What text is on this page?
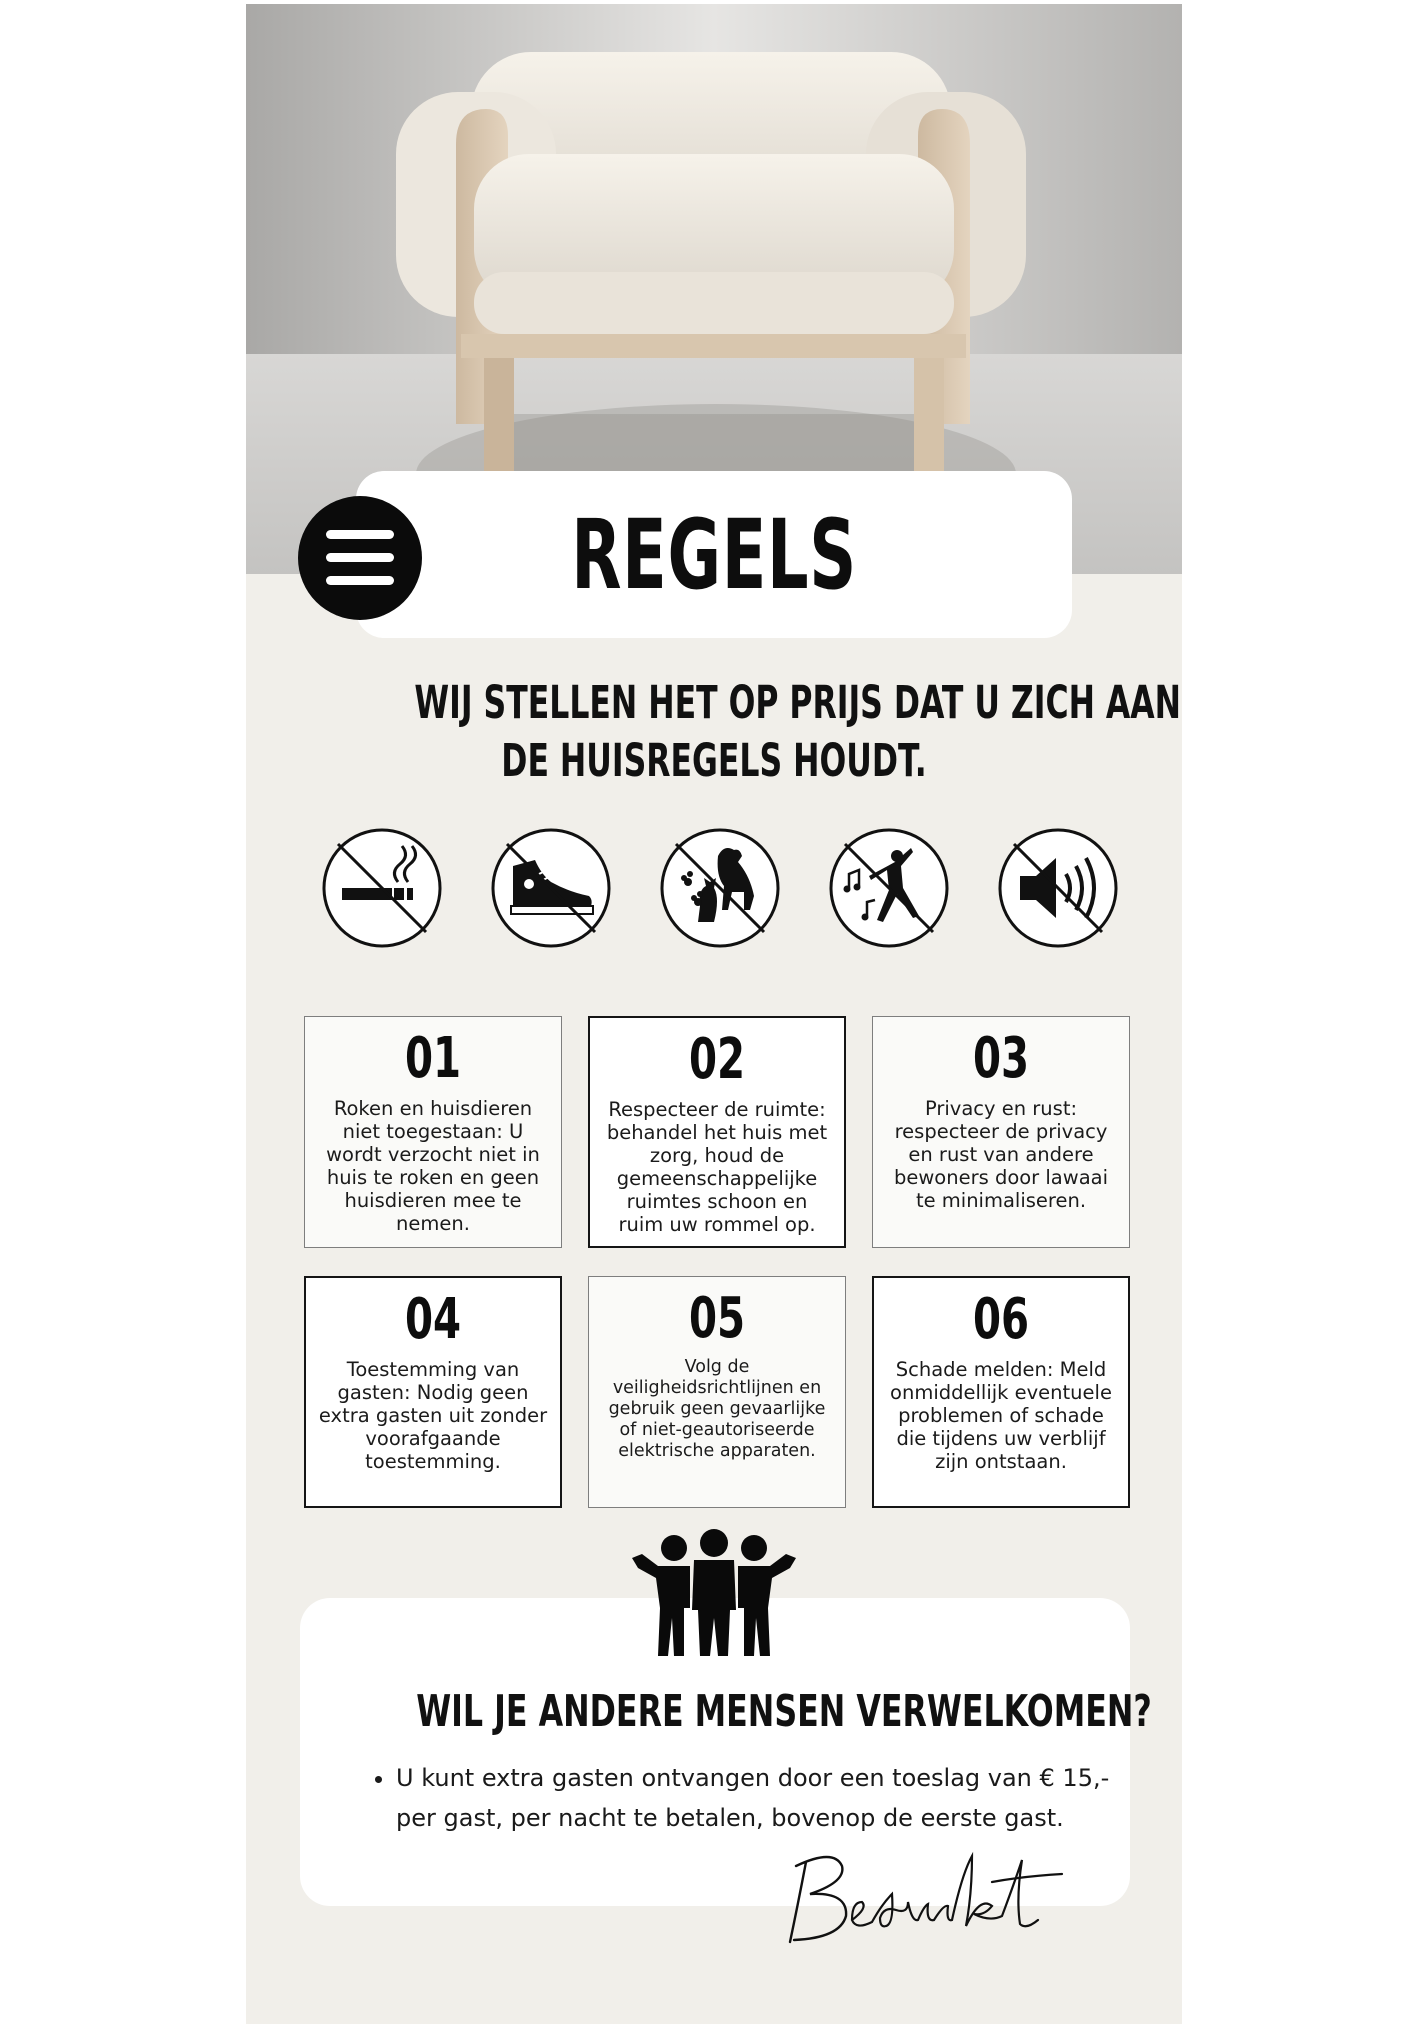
REGELS
WIJ STELLEN HET OP PRIJS DAT U ZICH AAN
DE HUISREGELS HOUDT.
01
Roken en huisdieren niet toegestaan: U wordt verzocht niet in huis te roken en geen huisdieren mee te nemen.
02
Respecteer de ruimte: behandel het huis met zorg, houd de gemeenschappelijke ruimtes schoon en ruim uw rommel op.
03
Privacy en rust: respecteer de privacy en rust van andere bewoners door lawaai te minimaliseren.
04
Toestemming van gasten: Nodig geen extra gasten uit zonder voorafgaande toestemming.
05
Volg de veiligheidsrichtlijnen en gebruik geen gevaarlijke of niet-geautoriseerde elektrische apparaten.
06
Schade melden: Meld onmiddellijk eventuele problemen of schade die tijdens uw verblijf zijn ontstaan.
WIL JE ANDERE MENSEN VERWELKOMEN?
• U kunt extra gasten ontvangen door een toeslag van € 15,- per gast, per nacht te betalen, bovenop de eerste gast.
